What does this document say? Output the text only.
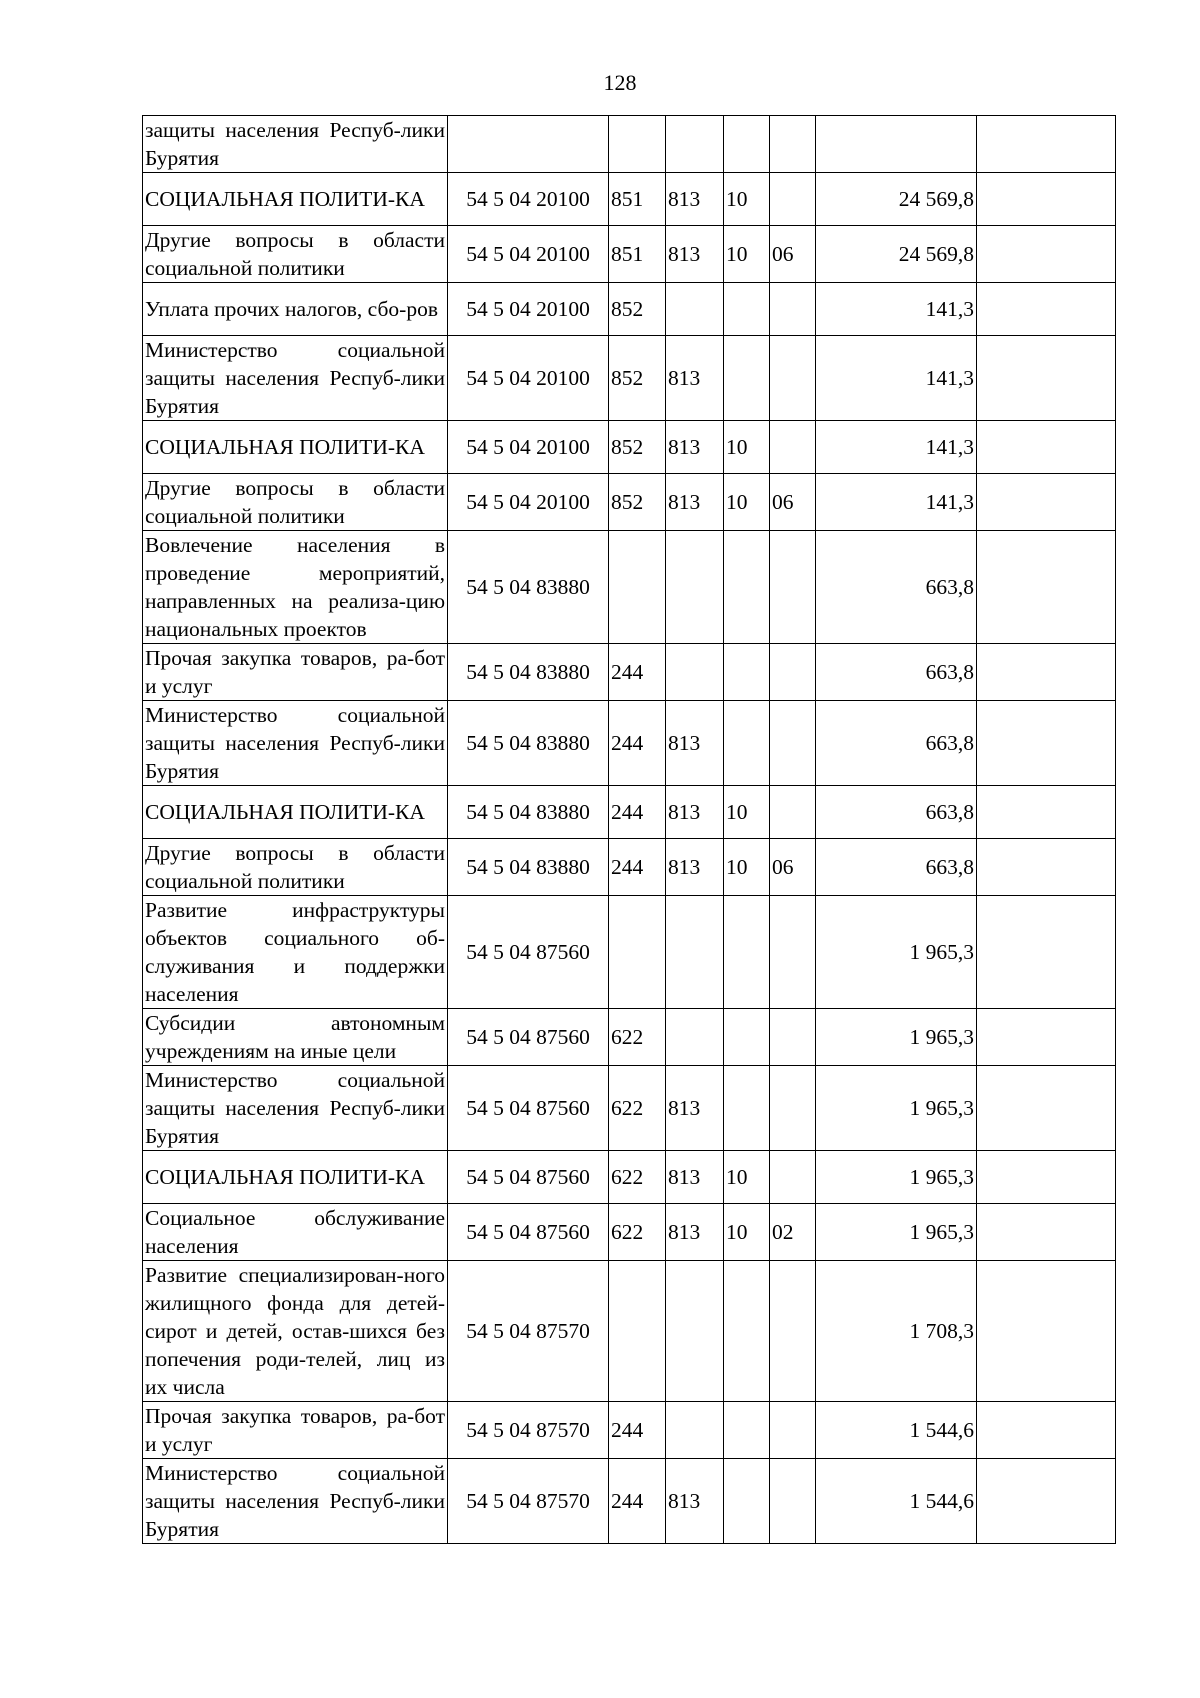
128
защиты населения Респуб-лики Бурятия							
СОЦИАЛЬНАЯ ПОЛИТИ-КА	54 5 04 20100	851	813	10		24 569,8	
Другие вопросы в области социальной политики	54 5 04 20100	851	813	10	06	24 569,8	
Уплата прочих налогов, сбо-ров	54 5 04 20100	852				141,3	
Министерство социальной защиты населения Респуб-лики Бурятия	54 5 04 20100	852	813			141,3	
СОЦИАЛЬНАЯ ПОЛИТИ-КА	54 5 04 20100	852	813	10		141,3	
Другие вопросы в области социальной политики	54 5 04 20100	852	813	10	06	141,3	
Вовлечение населения в проведение мероприятий, направленных на реализа-цию национальных проектов	54 5 04 83880					663,8	
Прочая закупка товаров, ра-бот и услуг	54 5 04 83880	244				663,8	
Министерство социальной защиты населения Респуб-лики Бурятия	54 5 04 83880	244	813			663,8	
СОЦИАЛЬНАЯ ПОЛИТИ-КА	54 5 04 83880	244	813	10		663,8	
Другие вопросы в области социальной политики	54 5 04 83880	244	813	10	06	663,8	
Развитие инфраструктуры объектов социального об-служивания и поддержки населения	54 5 04 87560					1 965,3	
Субсидии автономным учреждениям на иные цели	54 5 04 87560	622				1 965,3	
Министерство социальной защиты населения Респуб-лики Бурятия	54 5 04 87560	622	813			1 965,3	
СОЦИАЛЬНАЯ ПОЛИТИ-КА	54 5 04 87560	622	813	10		1 965,3	
Социальное обслуживание населения	54 5 04 87560	622	813	10	02	1 965,3	
Развитие специализирован-ного жилищного фонда для детей-сирот и детей, остав-шихся без попечения роди-телей, лиц из их числа	54 5 04 87570					1 708,3	
Прочая закупка товаров, ра-бот и услуг	54 5 04 87570	244				1 544,6	
Министерство социальной защиты населения Респуб-лики Бурятия	54 5 04 87570	244	813			1 544,6	
